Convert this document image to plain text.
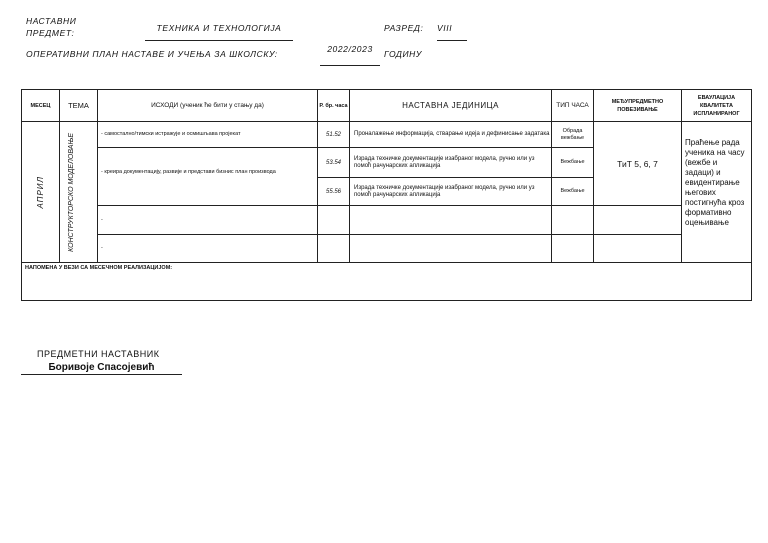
НАСТАВНИ ПРЕДМЕТ:	ТЕХНИКА И ТЕХНОЛОГИЈА	РАЗРЕД: VIII
ОПЕРАТИВНИ ПЛАН НАСТАВЕ И УЧЕЊА ЗА ШКОЛСКУ:	2022/2023	ГОДИНУ
МЕСЕЦ	ТЕМА	ИСХОДИ (ученик ће бити у стању да)	Р. бр. часа	НАСТАВНА ЈЕДИНИЦА	ТИП ЧАСА	МЕЂУПРЕДМЕТНО ПОВЕЗИВАЊЕ	ЕВАУЛАЦИЈА КВАЛИТЕТА ИСПЛАНИРАНОГ

АПРИЛ	КОНСТРУКТОРСКО МОДЕЛОВАЊЕ	- самостално/тимски истражује и осмишљава пројекат	51.52	Проналажење информација, стварање идеја и дефинисање задатака	Обрада вежбање	ТиТ 5, 6, 7	Праћење рада ученика на часу (вежбе и задаци) и евидентирање његових постигнућа кроз формативно оцењивање
		- креира документацију, развије и представи бизнис план производа	53.54	Израда техничке документације изабраног модела, ручно или уз помоћ рачунарских апликација	Вежбање		
			55.56	Израда техничке документације изабраног модела, ручно или уз помоћ рачунарских апликација	Вежбање		
		-					
		-					
НАПОМЕНА У ВЕЗИ СА МЕСЕЧНОМ РЕАЛИЗАЦИЈОМ:							
ПРЕДМЕТНИ НАСТАВНИК
Боривоје Спасојевић
